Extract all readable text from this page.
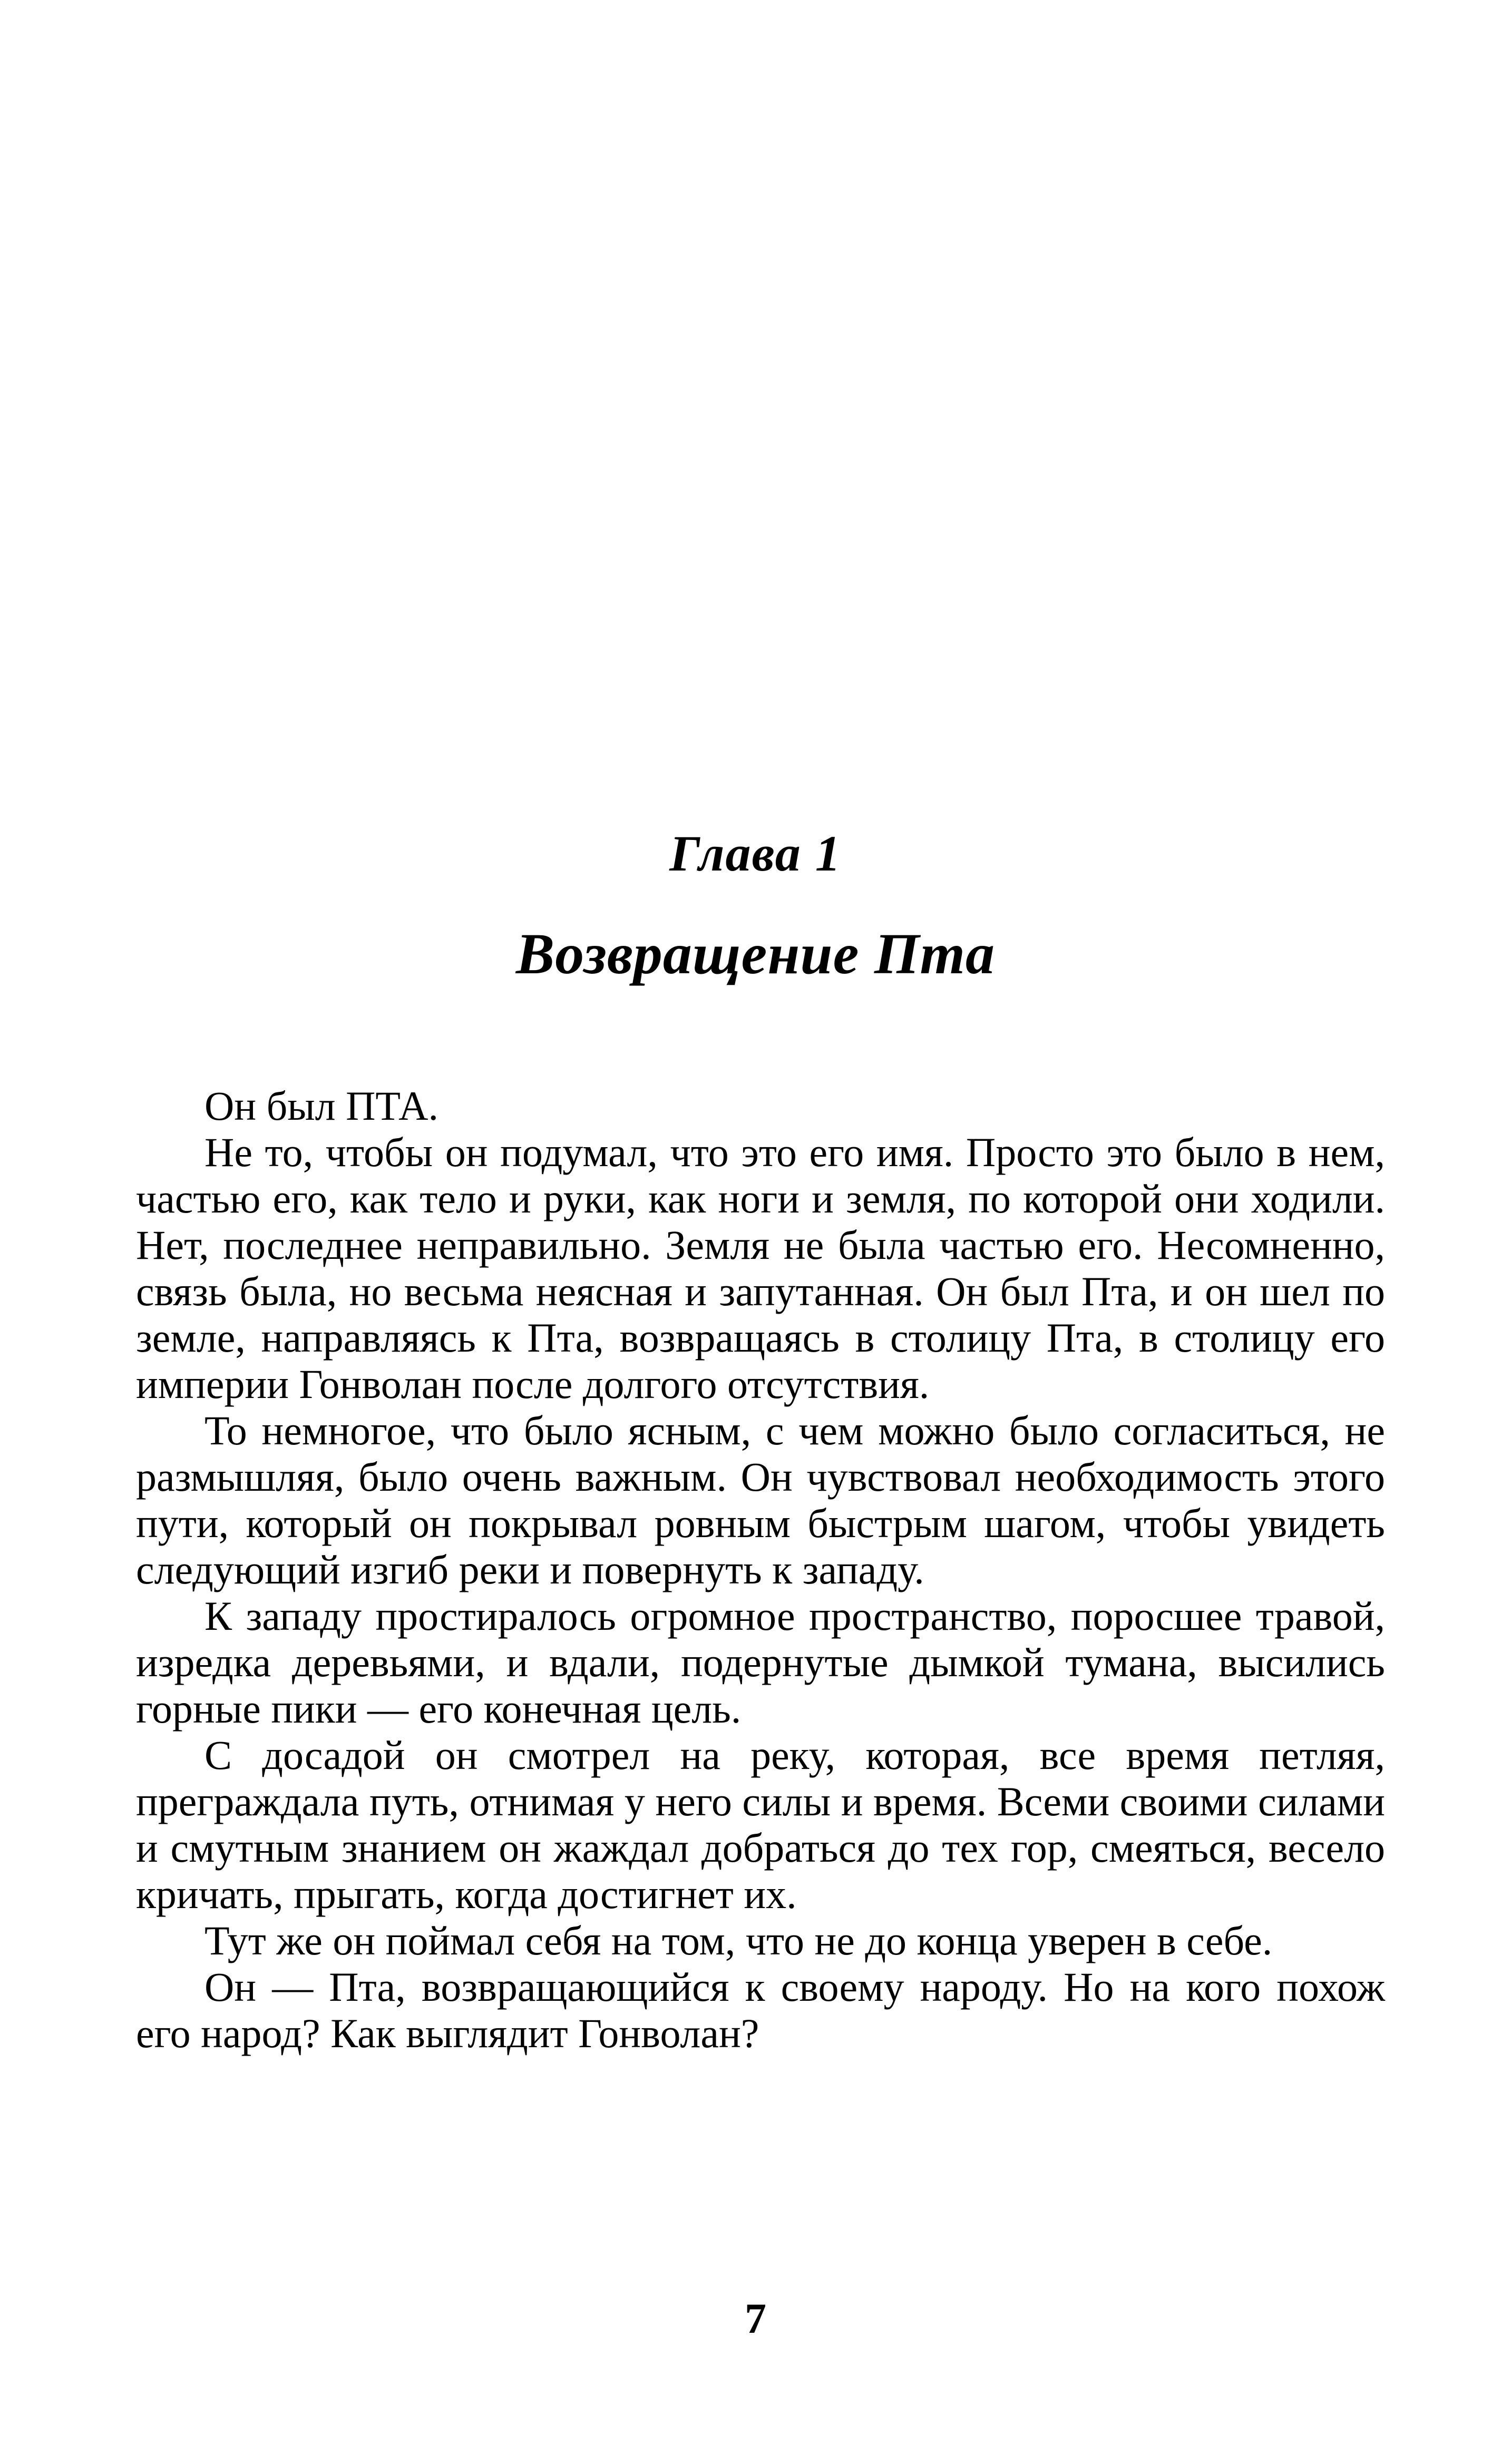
Глава 1
Возвращение Пта

Он был ПТА.

Не то, чтобы он подумал, что это его имя. Просто это было в нем, частью его, как тело и руки, как ноги и земля, по которой они ходили. Нет, последнее неправильно. Земля не была частью его. Несомненно, связь была, но весьма неясная и запутанная. Он был Пта, и он шел по земле, направляясь к Пта, возвращаясь в столицу Пта, в столицу его империи Гонволан после долгого отсутствия.

То немногое, что было ясным, с чем можно было согласиться, не размышляя, было очень важным. Он чувствовал необходимость этого пути, который он покрывал ровным быстрым шагом, чтобы увидеть следующий изгиб реки и повернуть к западу.

К западу простиралось огромное пространство, поросшее травой, изредка деревьями, и вдали, подернутые дымкой тумана, высились горные пики — его конечная цель.

С досадой он смотрел на реку, которая, все время петляя, преграждала путь, отнимая у него силы и время. Всеми своими силами и смутным знанием он жаждал добраться до тех гор, смеяться, весело кричать, прыгать, когда достигнет их.

Тут же он поймал себя на том, что не до конца уверен в себе.

Он — Пта, возвращающийся к своему народу. Но на кого похож его народ? Как выглядит Гонволан?

7
